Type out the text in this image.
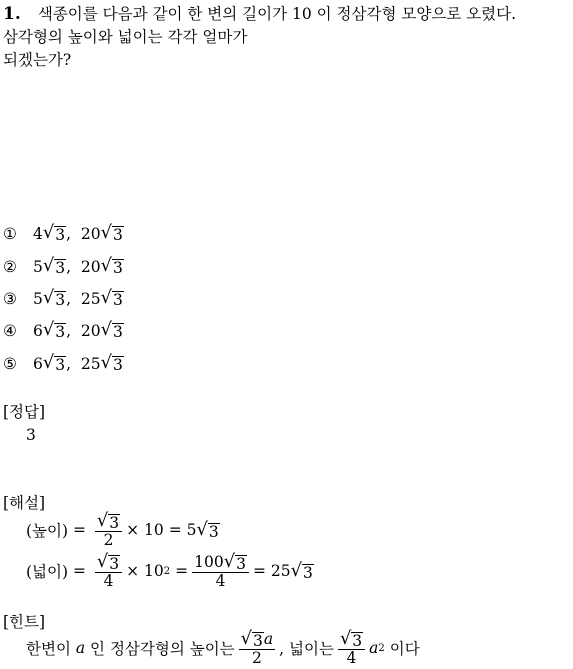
1. 색종이를 다음과 같이 한 변의 길이가 10 이 정삼각형 모양으로 오렸다.
삼각형의 높이와 넓이는 각각 얼마가
되겠는가?
① 4 √ 3 , 20 √ 3
② 5 √ 3 , 20 √ 3
③ 5 √ 3 , 25 √ 3
④ 6 √ 3 , 20 √ 3
⑤ 6 √ 3 , 25 √ 3
[정답]
3
[해설]
(높이) = $\frac{√ 3}{2} \times 10 = 5$ √ 3
(넓이) = $\frac{√ 3}{4} \times 10$ 2
= $\frac{100 √ 3}{4} = 25$ √ 3
[힌트]
한변이
a
인 정삼각형의 높이는 $\frac{√ 3 a}{2}$ , 넓이는 $\frac{√ 3}{4}$ a 2
이다
